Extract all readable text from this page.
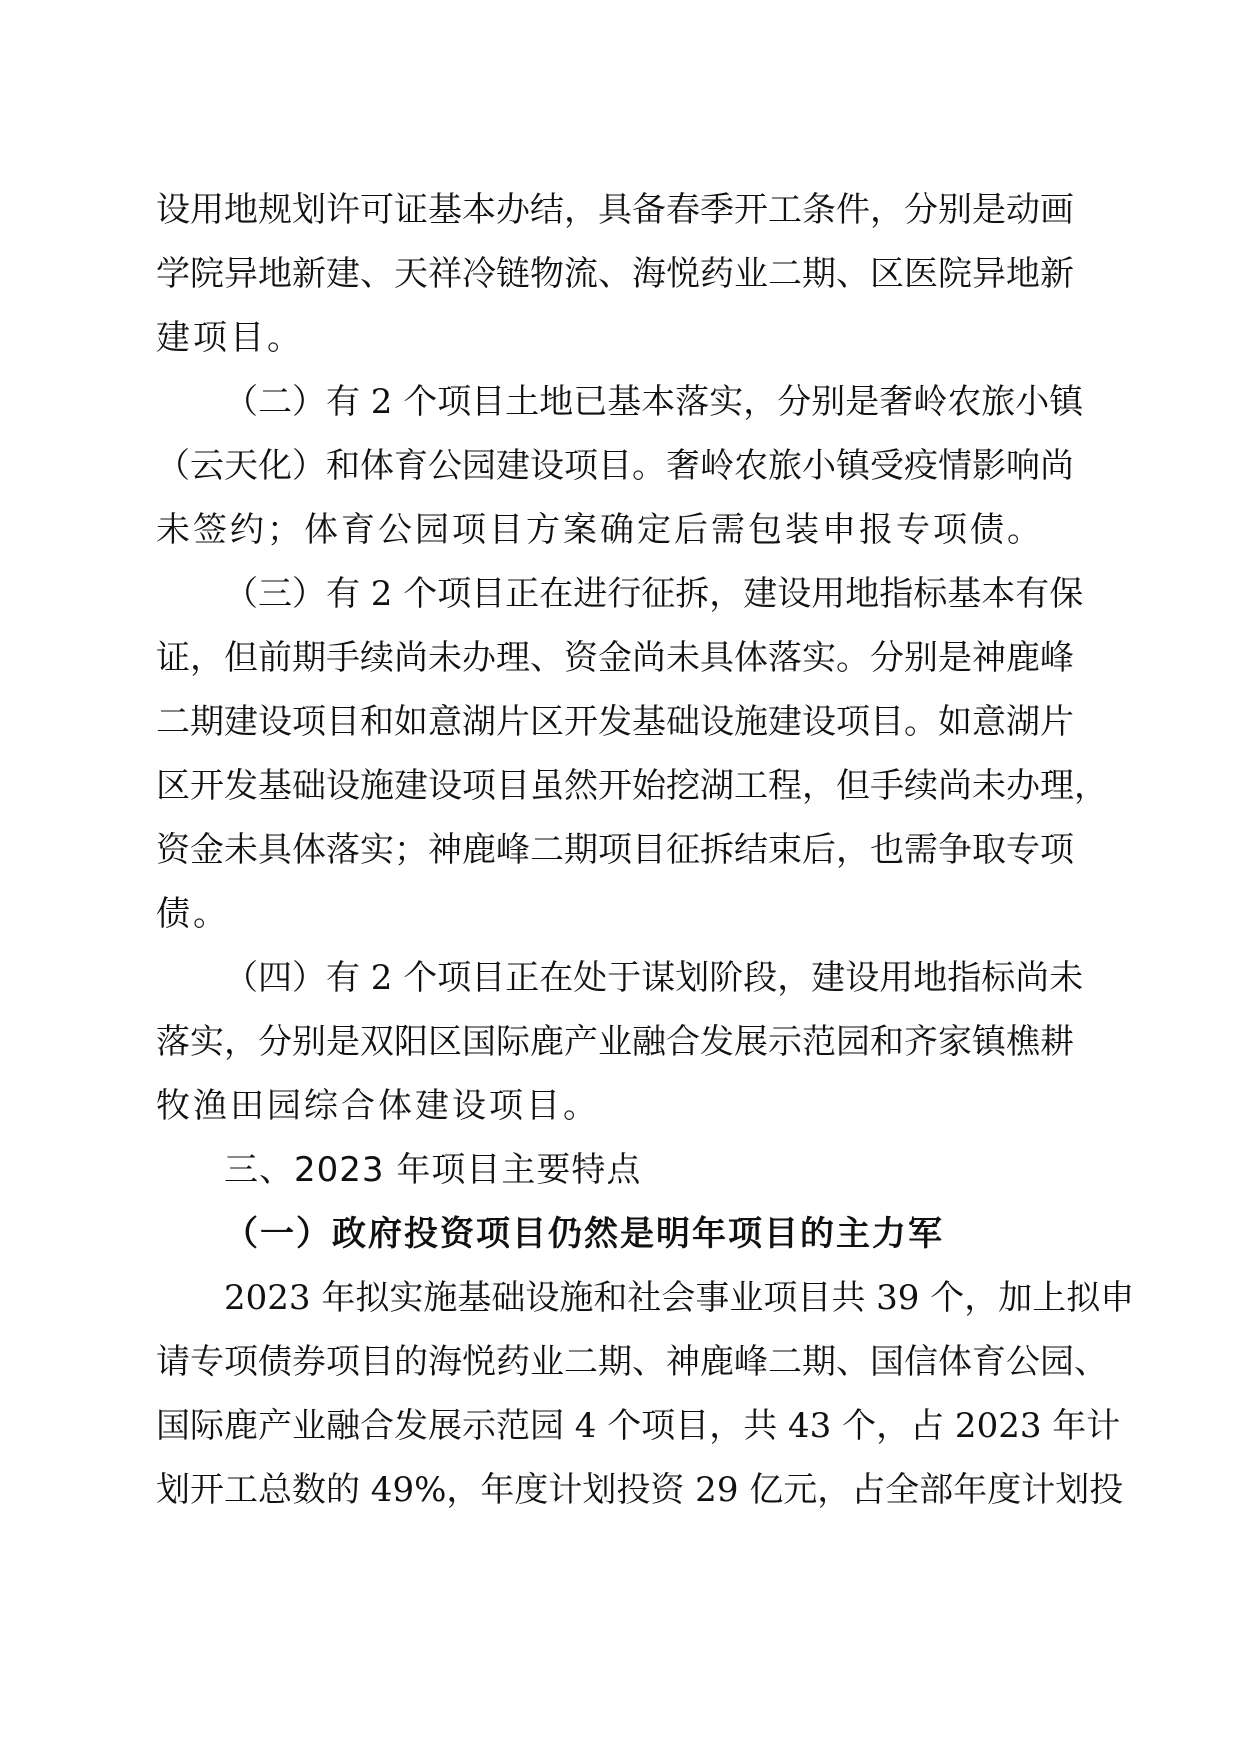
设用地规划许可证基本办结，具备春季开工条件，分别是动画
学院异地新建、天祥冷链物流、海悦药业二期、区医院异地新
建项目。
（二）有 2 个项目土地已基本落实，分别是奢岭农旅小镇
（云天化）和体育公园建设项目。奢岭农旅小镇受疫情影响尚
未签约；体育公园项目方案确定后需包装申报专项债。
（三）有 2 个项目正在进行征拆，建设用地指标基本有保
证，但前期手续尚未办理、资金尚未具体落实。分别是神鹿峰
二期建设项目和如意湖片区开发基础设施建设项目。如意湖片
区开发基础设施建设项目虽然开始挖湖工程，但手续尚未办理，
资金未具体落实；神鹿峰二期项目征拆结束后，也需争取专项
债。
（四）有 2 个项目正在处于谋划阶段，建设用地指标尚未
落实，分别是双阳区国际鹿产业融合发展示范园和齐家镇樵耕
牧渔田园综合体建设项目。
三、2023 年项目主要特点
（一）政府投资项目仍然是明年项目的主力军
2023 年拟实施基础设施和社会事业项目共 39 个，加上拟申
请专项债券项目的海悦药业二期、神鹿峰二期、国信体育公园、
国际鹿产业融合发展示范园 4 个项目，共 43 个，占 2023 年计
划开工总数的 49%，年度计划投资 29 亿元，占全部年度计划投
